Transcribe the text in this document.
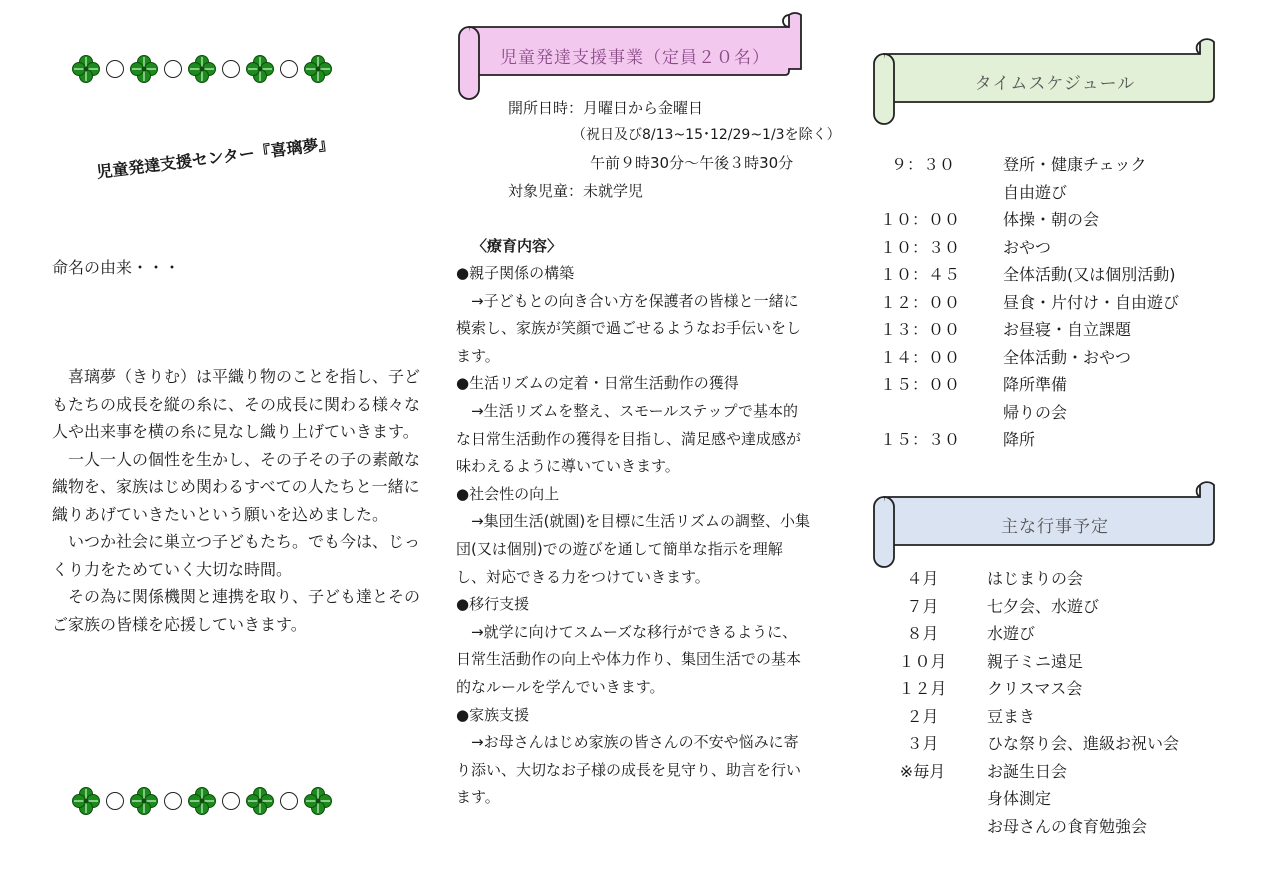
児童発達支援センター『喜璃夢』
命名の由来・・・

喜璃夢（きりむ）は平織り物のことを指し、子どもたちの成長を縦の糸に、その成長に関わる様々な人や出来事を横の糸に見なし織り上げていきます。

一人一人の個性を生かし、その子その子の素敵な織物を、家族はじめ関わるすべての人たちと一緒に織りあげていきたいという願いを込めました。

いつか社会に巣立つ子どもたち。でも今は、じっくり力をためていく大切な時間。

その為に関係機関と連携を取り、子ども達とそのご家族の皆様を応援していきます。

児童発達支援事業（定員２０名）
開所日時：月曜日から金曜日
（祝日及び8/13~15･12/29~1/3を除く）
午前９時30分～午後３時30分
対象児童：未就学児
〈療育内容〉
●親子関係の構築
→子どもとの向き合い方を保護者の皆様と一緒に模索し、家族が笑顔で過ごせるようなお手伝いをします。
●生活リズムの定着・日常生活動作の獲得
→生活リズムを整え、スモールステップで基本的な日常生活動作の獲得を目指し、満足感や達成感が味わえるように導いていきます。
●社会性の向上
→集団生活(就園)を目標に生活リズムの調整、小集団(又は個別)での遊びを通して簡単な指示を理解し、対応できる力をつけていきます。
●移行支援
→就学に向けてスムーズな移行ができるように、日常生活動作の向上や体力作り、集団生活での基本的なルールを学んでいきます。
●家族支援
→お母さんはじめ家族の皆さんの不安や悩みに寄り添い、大切なお子様の成長を見守り、助言を行います。
タイムスケジュール
９：３０	登所・健康チェック
自由遊び
１０：００	体操・朝の会
１０：３０	おやつ
１０：４５	全体活動(又は個別活動)
１２：００	昼食・片付け・自由遊び
１３：００	お昼寝・自立課題
１４：００	全体活動・おやつ
１５：００	降所準備
帰りの会
１５：３０	降所
主な行事予定
４月	はじまりの会
７月	七夕会、水遊び
８月	水遊び
１０月	親子ミニ遠足
１２月	クリスマス会
２月	豆まき
３月	ひな祭り会、進級お祝い会
※毎月	お誕生日会
身体測定
お母さんの食育勉強会
